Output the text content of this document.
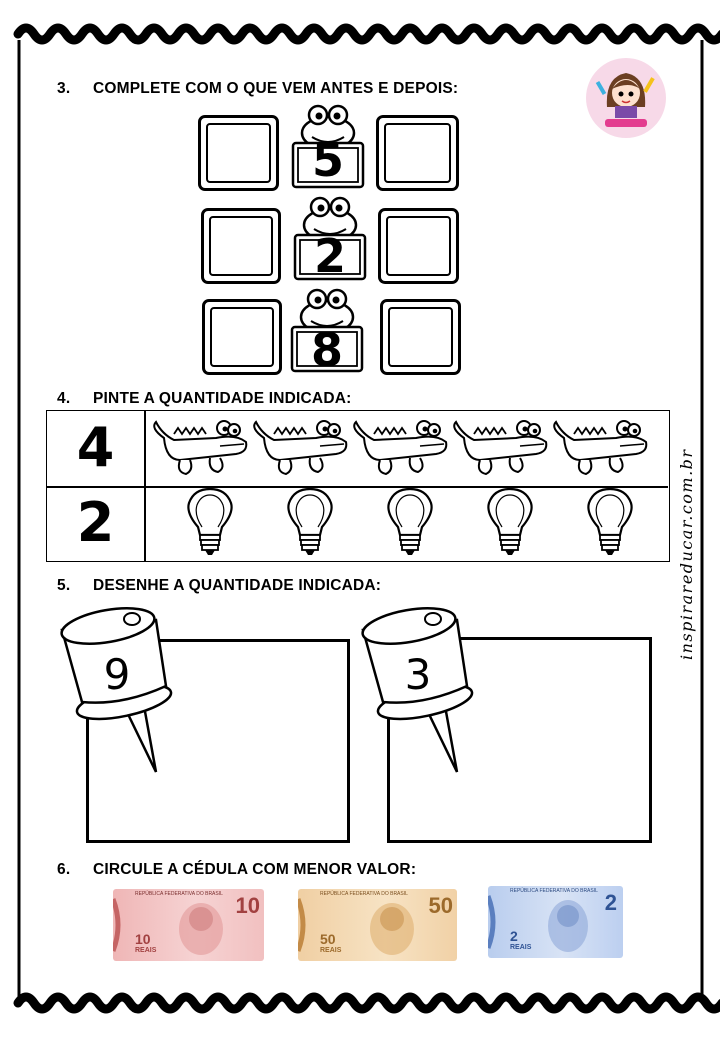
3. COMPLETE COM O QUE VEM ANTES E DEPOIS:
5
2
8
4. PINTE A QUANTIDADE INDICADA:
4
2
5. DESENHE A QUANTIDADE INDICADA:
9	3
6. CIRCULE A CÉDULA COM MENOR VALOR:
REPÚBLICA FEDERATIVA DO BRASIL 10
10
REAIS
REPÚBLICA FEDERATIVA DO BRASIL 50
50
REAIS
REPÚBLICA FEDERATIVA DO BRASIL 2
2
REAIS
inspirareducar.com.br
